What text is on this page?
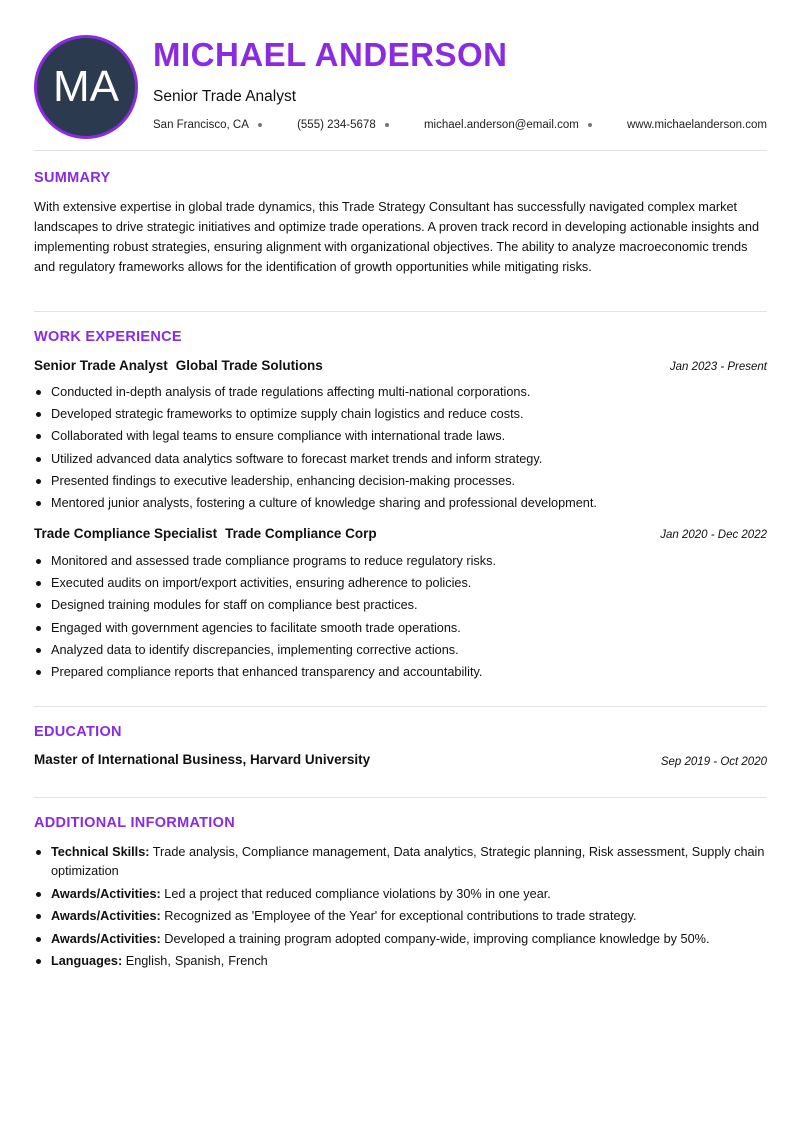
MA
MICHAEL ANDERSON
Senior Trade Analyst
San Francisco, CA	(555) 234-5678	michael.anderson@email.com	www.michaelanderson.com
SUMMARY
With extensive expertise in global trade dynamics, this Trade Strategy Consultant has successfully navigated complex market landscapes to drive strategic initiatives and optimize trade operations. A proven track record in developing actionable insights and implementing robust strategies, ensuring alignment with organizational objectives. The ability to analyze macroeconomic trends and regulatory frameworks allows for the identification of growth opportunities while mitigating risks.
WORK EXPERIENCE
Senior Trade Analyst Global Trade Solutions	Jan 2023 - Present
Conducted in-depth analysis of trade regulations affecting multi-national corporations.
Developed strategic frameworks to optimize supply chain logistics and reduce costs.
Collaborated with legal teams to ensure compliance with international trade laws.
Utilized advanced data analytics software to forecast market trends and inform strategy.
Presented findings to executive leadership, enhancing decision-making processes.
Mentored junior analysts, fostering a culture of knowledge sharing and professional development.
Trade Compliance Specialist Trade Compliance Corp	Jan 2020 - Dec 2022
Monitored and assessed trade compliance programs to reduce regulatory risks.
Executed audits on import/export activities, ensuring adherence to policies.
Designed training modules for staff on compliance best practices.
Engaged with government agencies to facilitate smooth trade operations.
Analyzed data to identify discrepancies, implementing corrective actions.
Prepared compliance reports that enhanced transparency and accountability.
EDUCATION
Master of International Business, Harvard University	Sep 2019 - Oct 2020
ADDITIONAL INFORMATION
Technical Skills: Trade analysis, Compliance management, Data analytics, Strategic planning, Risk assessment, Supply chain optimization
Awards/Activities: Led a project that reduced compliance violations by 30% in one year.
Awards/Activities: Recognized as 'Employee of the Year' for exceptional contributions to trade strategy.
Awards/Activities: Developed a training program adopted company-wide, improving compliance knowledge by 50%.
Languages: English, Spanish, French
